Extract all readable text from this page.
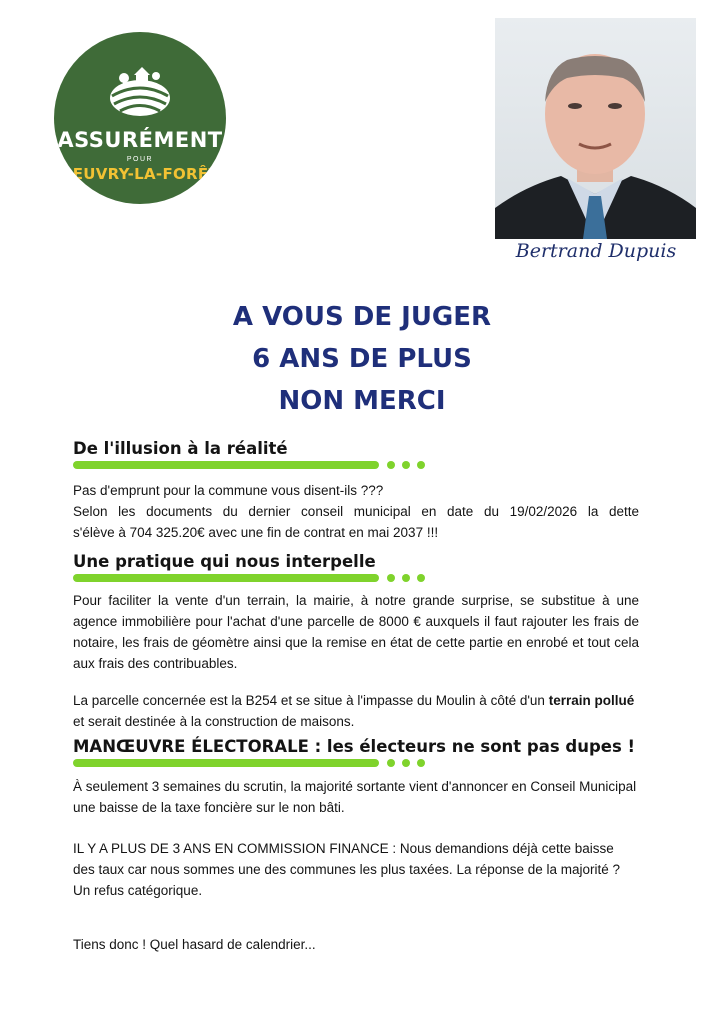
ASSURÉMENT
POUR
BEUVRY-LA-FORÊT
Bertrand Dupuis
A VOUS DE JUGER
6 ANS DE PLUS
NON MERCI
De l'illusion à la réalité
Pas d'emprunt pour la commune vous disent-ils ???
Selon les documents du dernier conseil municipal en date du 19/02/2026 la dette
s'élève à 704 325.20€ avec une fin de contrat en mai 2037 !!!
Une pratique qui nous interpelle
Pour faciliter la vente d'un terrain, la mairie, à notre grande surprise, se substitue à une agence immobilière pour l'achat d'une parcelle de 8000 € auxquels il faut rajouter les frais de notaire, les frais de géomètre ainsi que la remise en état de cette partie en enrobé et tout cela aux frais des contribuables.
La parcelle concernée est la B254 et se situe à l'impasse du Moulin à côté d'un terrain pollué et serait destinée à la construction de maisons.
MANŒUVRE ÉLECTORALE : les électeurs ne sont pas dupes !
À seulement 3 semaines du scrutin, la majorité sortante vient d'annoncer en Conseil Municipal une baisse de la taxe foncière sur le non bâti.
IL Y A PLUS DE 3 ANS EN COMMISSION FINANCE : Nous demandions déjà cette baisse des taux car nous sommes une des communes les plus taxées. La réponse de la majorité ?
Un refus catégorique.
Tiens donc ! Quel hasard de calendrier...
